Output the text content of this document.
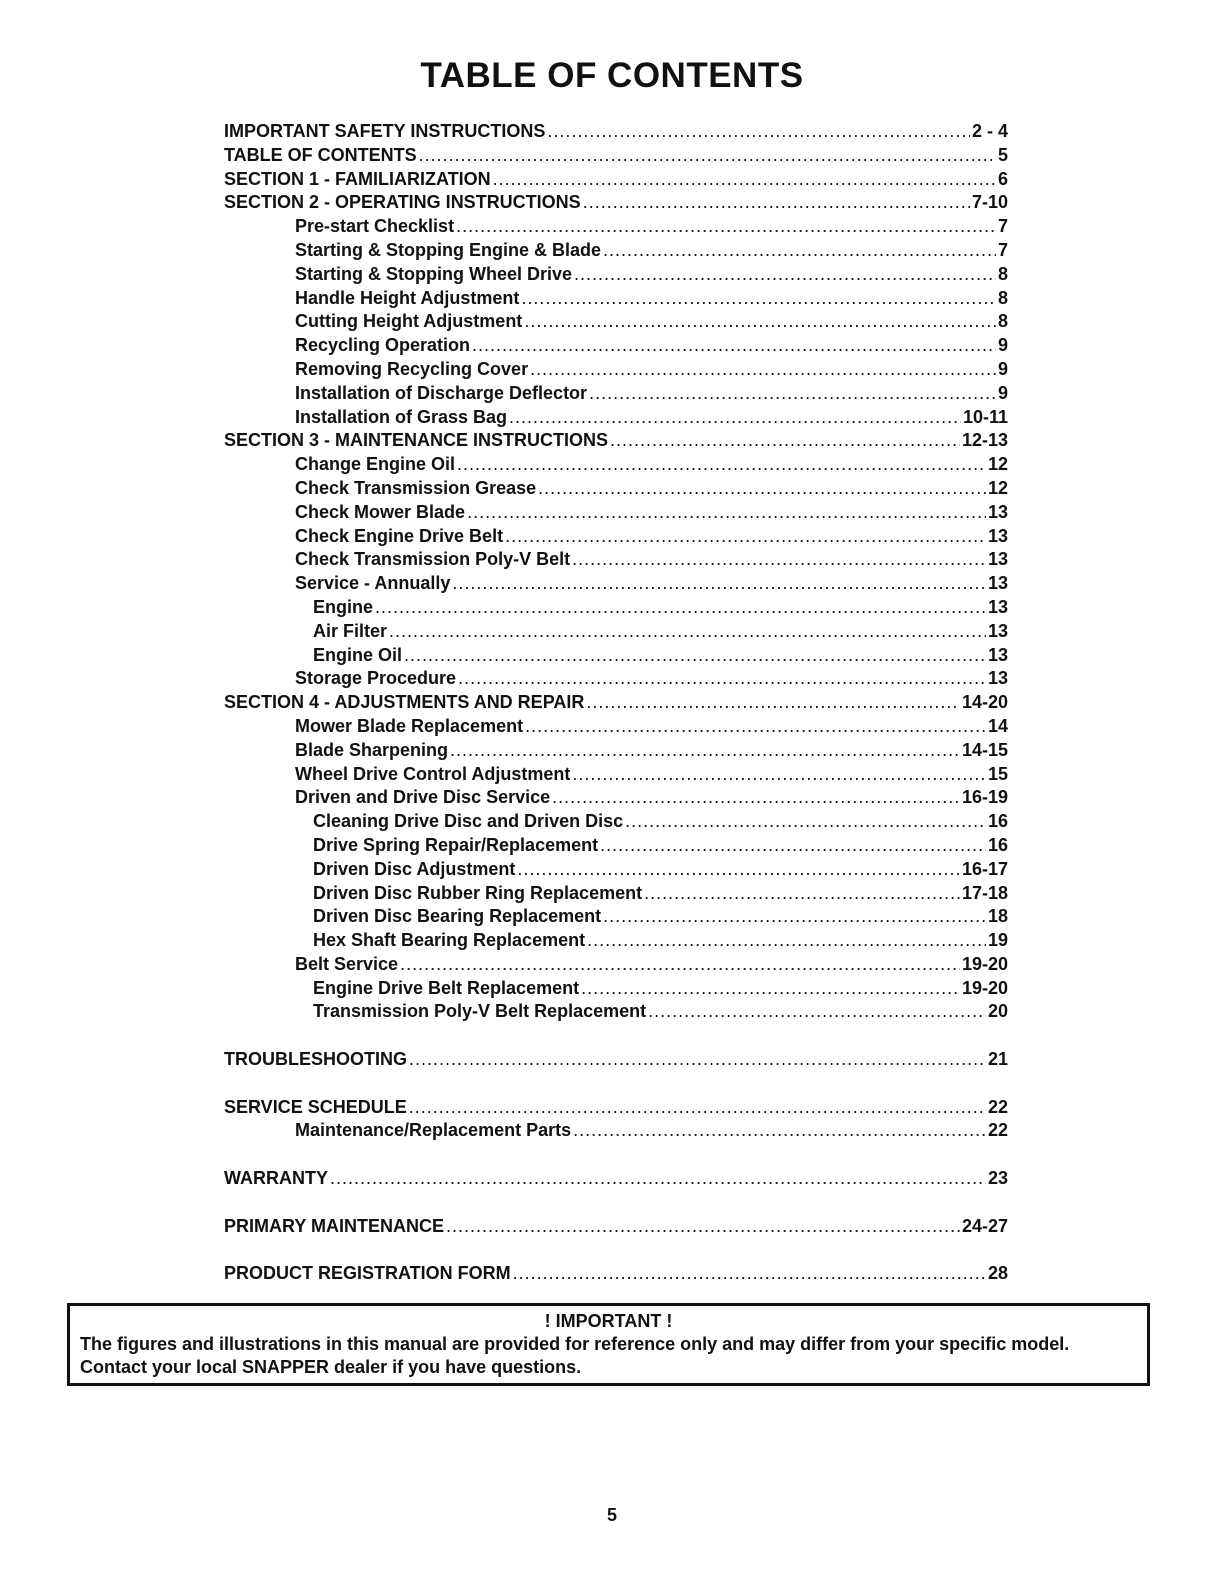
TABLE OF CONTENTS
IMPORTANT SAFETY INSTRUCTIONS .....	2 - 4
TABLE OF CONTENTS .....	5
SECTION 1 - FAMILIARIZATION .....	6
SECTION 2 - OPERATING INSTRUCTIONS .....	7-10
Pre-start Checklist .....	7
Starting & Stopping Engine & Blade .....	7
Starting & Stopping Wheel Drive .....	8
Handle Height Adjustment .....	8
Cutting Height Adjustment .....	8
Recycling Operation .....	9
Removing Recycling Cover .....	9
Installation of Discharge Deflector .....	9
Installation of Grass Bag .....	10-11
SECTION 3 - MAINTENANCE INSTRUCTIONS .....	12-13
Change Engine Oil .....	12
Check Transmission Grease .....	12
Check Mower Blade .....	13
Check Engine Drive Belt .....	13
Check Transmission Poly-V Belt .....	13
Service - Annually .....	13
Engine .....	13
Air Filter .....	13
Engine Oil .....	13
Storage Procedure .....	13
SECTION 4 - ADJUSTMENTS AND REPAIR .....	14-20
Mower Blade Replacement .....	14
Blade Sharpening .....	14-15
Wheel Drive Control Adjustment .....	15
Driven and Drive Disc Service .....	16-19
Cleaning Drive Disc and Driven Disc .....	16
Drive Spring Repair/Replacement .....	16
Driven Disc Adjustment .....	16-17
Driven Disc Rubber Ring Replacement .....	17-18
Driven Disc Bearing Replacement .....	18
Hex Shaft Bearing Replacement .....	19
Belt Service .....	19-20
Engine Drive Belt Replacement .....	19-20
Transmission Poly-V Belt Replacement .....	20
TROUBLESHOOTING .....	21
SERVICE SCHEDULE .....	22
Maintenance/Replacement Parts .....	22
WARRANTY .....	23
PRIMARY MAINTENANCE .....	24-27
PRODUCT REGISTRATION FORM .....	28
! IMPORTANT !
The figures and illustrations in this manual are provided for reference only and may differ from your specific model. Contact your local SNAPPER dealer if you have questions.
5
